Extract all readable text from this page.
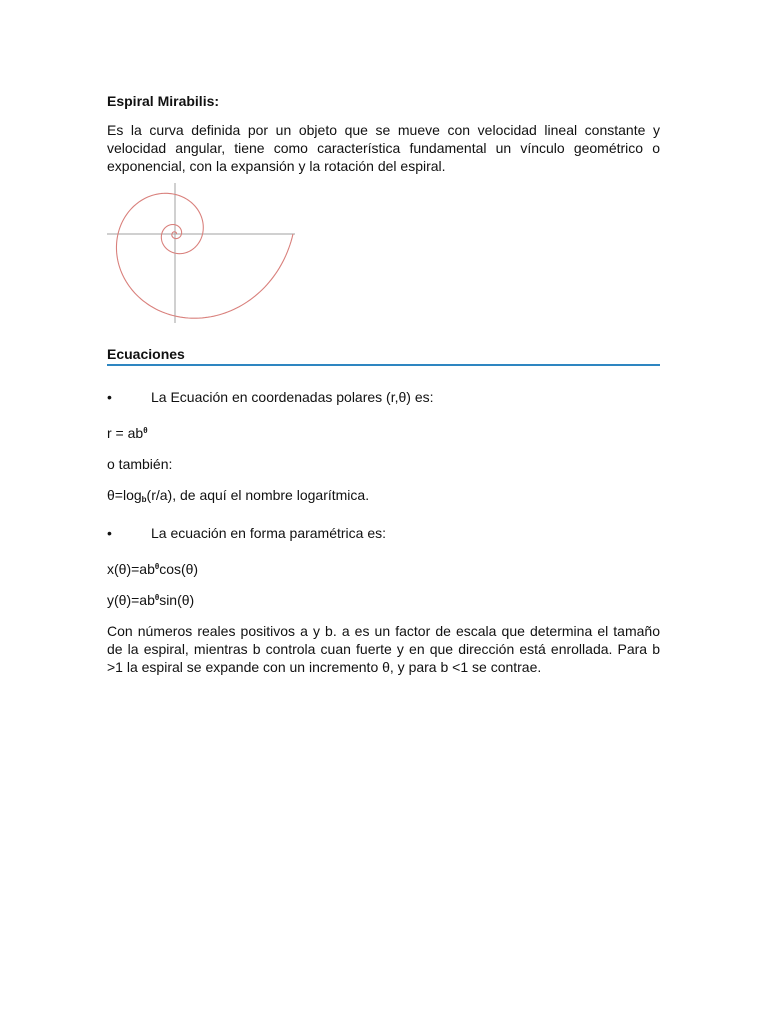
Espiral Mirabilis:

Es la curva definida por un objeto que se mueve con velocidad lineal constante y velocidad angular, tiene como característica fundamental un vínculo geométrico o exponencial, con la expansión y la rotación del espiral.

Ecuaciones
•	La Ecuación en coordenadas polares (r,θ) es:

$r = ab^\theta$

o también:

$\theta=\log_b(r/a)$, de aquí el nombre logarítmica.

•	La ecuación en forma paramétrica es:

$x(\theta)=ab^\theta\cos(\theta)$

$y(\theta)=ab^\theta\sin(\theta)$

Con números reales positivos a y b. a es un factor de escala que determina el tamaño de la espiral, mientras b controla cuan fuerte y en que dirección está enrollada. Para b >1 la espiral se expande con un incremento θ, y para b <1 se contrae.
